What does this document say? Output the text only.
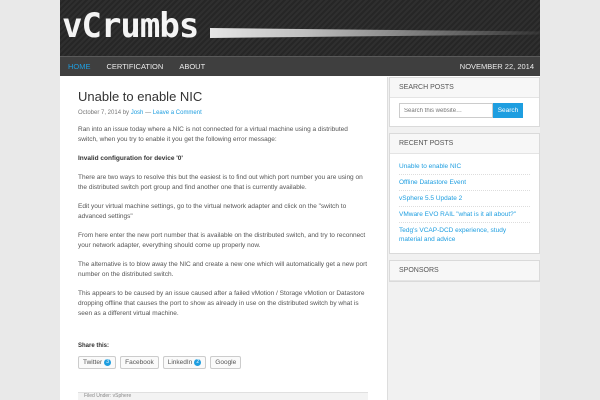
vCrumbs
HOME	CERTIFICATION	ABOUT	NOVEMBER 22, 2014
Unable to enable NIC
October 7, 2014 by Josh — Leave a Comment

Ran into an issue today where a NIC is not connected for a virtual machine using a distributed switch, when you try to enable it you get the following error message:

Invalid configuration for device '0'

There are two ways to resolve this but the easiest is to find out which port number you are using on the distributed switch port group and find another one that is currently available.

Edit your virtual machine settings, go to the virtual network adapter and click on the "switch to advanced settings"

From here enter the new port number that is available on the distributed switch, and try to reconnect your network adapter, everything should come up properly now.

The alternative is to blow away the NIC and create a new one which will automatically get a new port number on the distributed switch.

This appears to be caused by an issue caused after a failed vMotion / Storage vMotion or Datastore dropping offline that causes the port to show as already in use on the distributed switch by what is seen as a different virtual machine.

Share this:
Twitter 3	Facebook LinkedIn 2	Google
Filed Under: vSphere
SEARCH POSTS
Search this website…
Search
RECENT POSTS
Unable to enable NIC
Offline Datastore Event
vSphere 5.5 Update 2
VMware EVO RAIL "what is it all about?"
Tedg's VCAP-DCD experience, study material and advice
SPONSORS
